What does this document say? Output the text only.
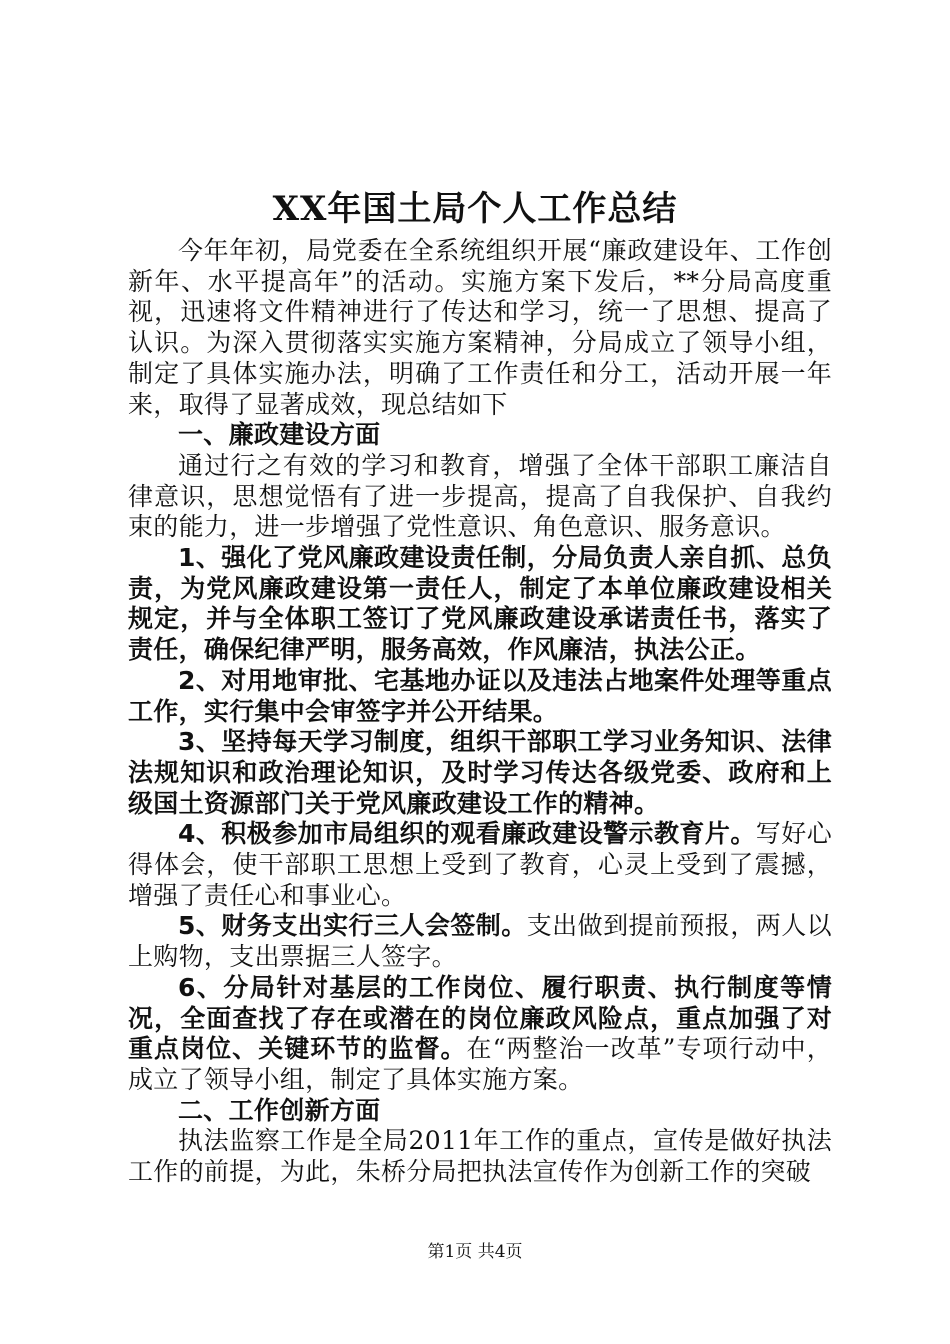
XX年国土局个人工作总结

今年年初，局党委在全系统组织开展“廉政建设年、工作创新年、水平提高年”的活动。实施方案下发后，**分局高度重视，迅速将文件精神进行了传达和学习，统一了思想、提高了认识。为深入贯彻落实实施方案精神，分局成立了领导小组，制定了具体实施办法，明确了工作责任和分工，活动开展一年来，取得了显著成效，现总结如下

一、廉政建设方面

通过行之有效的学习和教育，增强了全体干部职工廉洁自律意识，思想觉悟有了进一步提高，提高了自我保护、自我约束的能力，进一步增强了党性意识、角色意识、服务意识。

1、强化了党风廉政建设责任制，分局负责人亲自抓、总负责，为党风廉政建设第一责任人，制定了本单位廉政建设相关规定，并与全体职工签订了党风廉政建设承诺责任书，落实了责任，确保纪律严明，服务高效，作风廉洁，执法公正。

2、对用地审批、宅基地办证以及违法占地案件处理等重点工作，实行集中会审签字并公开结果。

3、坚持每天学习制度，组织干部职工学习业务知识、法律法规知识和政治理论知识，及时学习传达各级党委、政府和上级国土资源部门关于党风廉政建设工作的精神。

4、积极参加市局组织的观看廉政建设警示教育片。写好心得体会，使干部职工思想上受到了教育，心灵上受到了震撼，增强了责任心和事业心。

5、财务支出实行三人会签制。支出做到提前预报，两人以上购物，支出票据三人签字。

6、分局针对基层的工作岗位、履行职责、执行制度等情况，全面查找了存在或潜在的岗位廉政风险点，重点加强了对重点岗位、关键环节的监督。在“两整治一改革”专项行动中，成立了领导小组，制定了具体实施方案。

二、工作创新方面

执法监察工作是全局2011年工作的重点，宣传是做好执法工作的前提，为此，朱桥分局把执法宣传作为创新工作的突破

第1页 共4页
